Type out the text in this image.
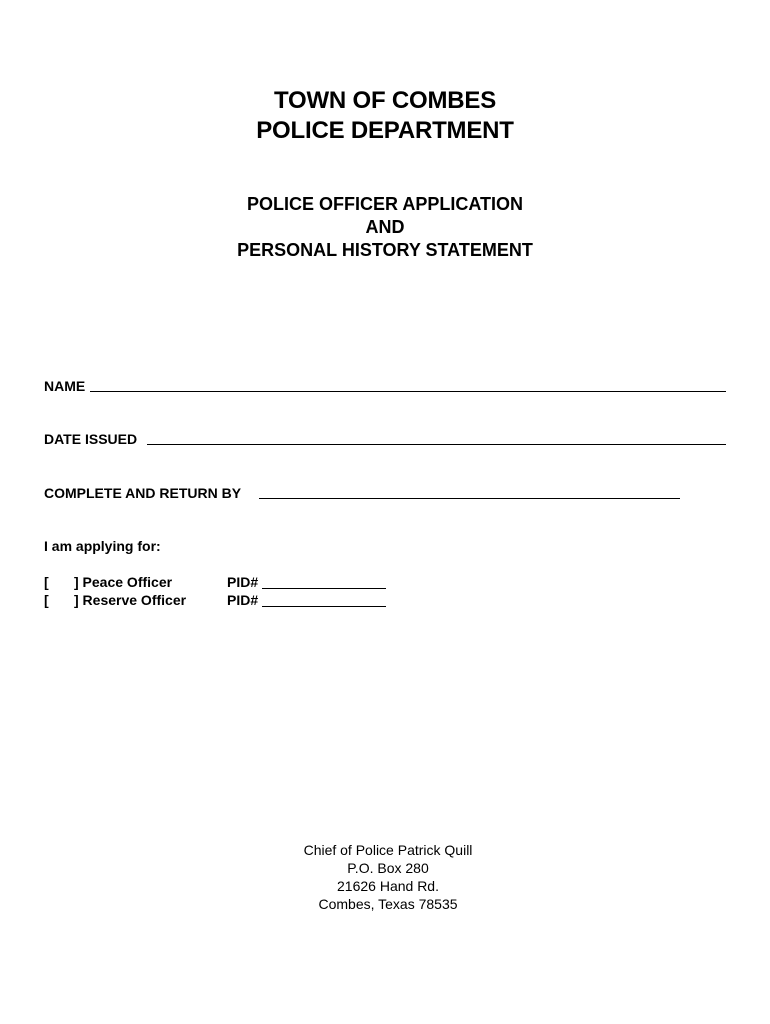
TOWN OF COMBES
POLICE DEPARTMENT
POLICE OFFICER APPLICATION
AND
PERSONAL HISTORY STATEMENT
NAME
DATE ISSUED
COMPLETE AND RETURN BY
I am applying for:
[ ] Peace Officer	PID#
[ ] Reserve Officer	PID#
Chief of Police Patrick Quill
P.O. Box 280
21626 Hand Rd.
Combes, Texas 78535
